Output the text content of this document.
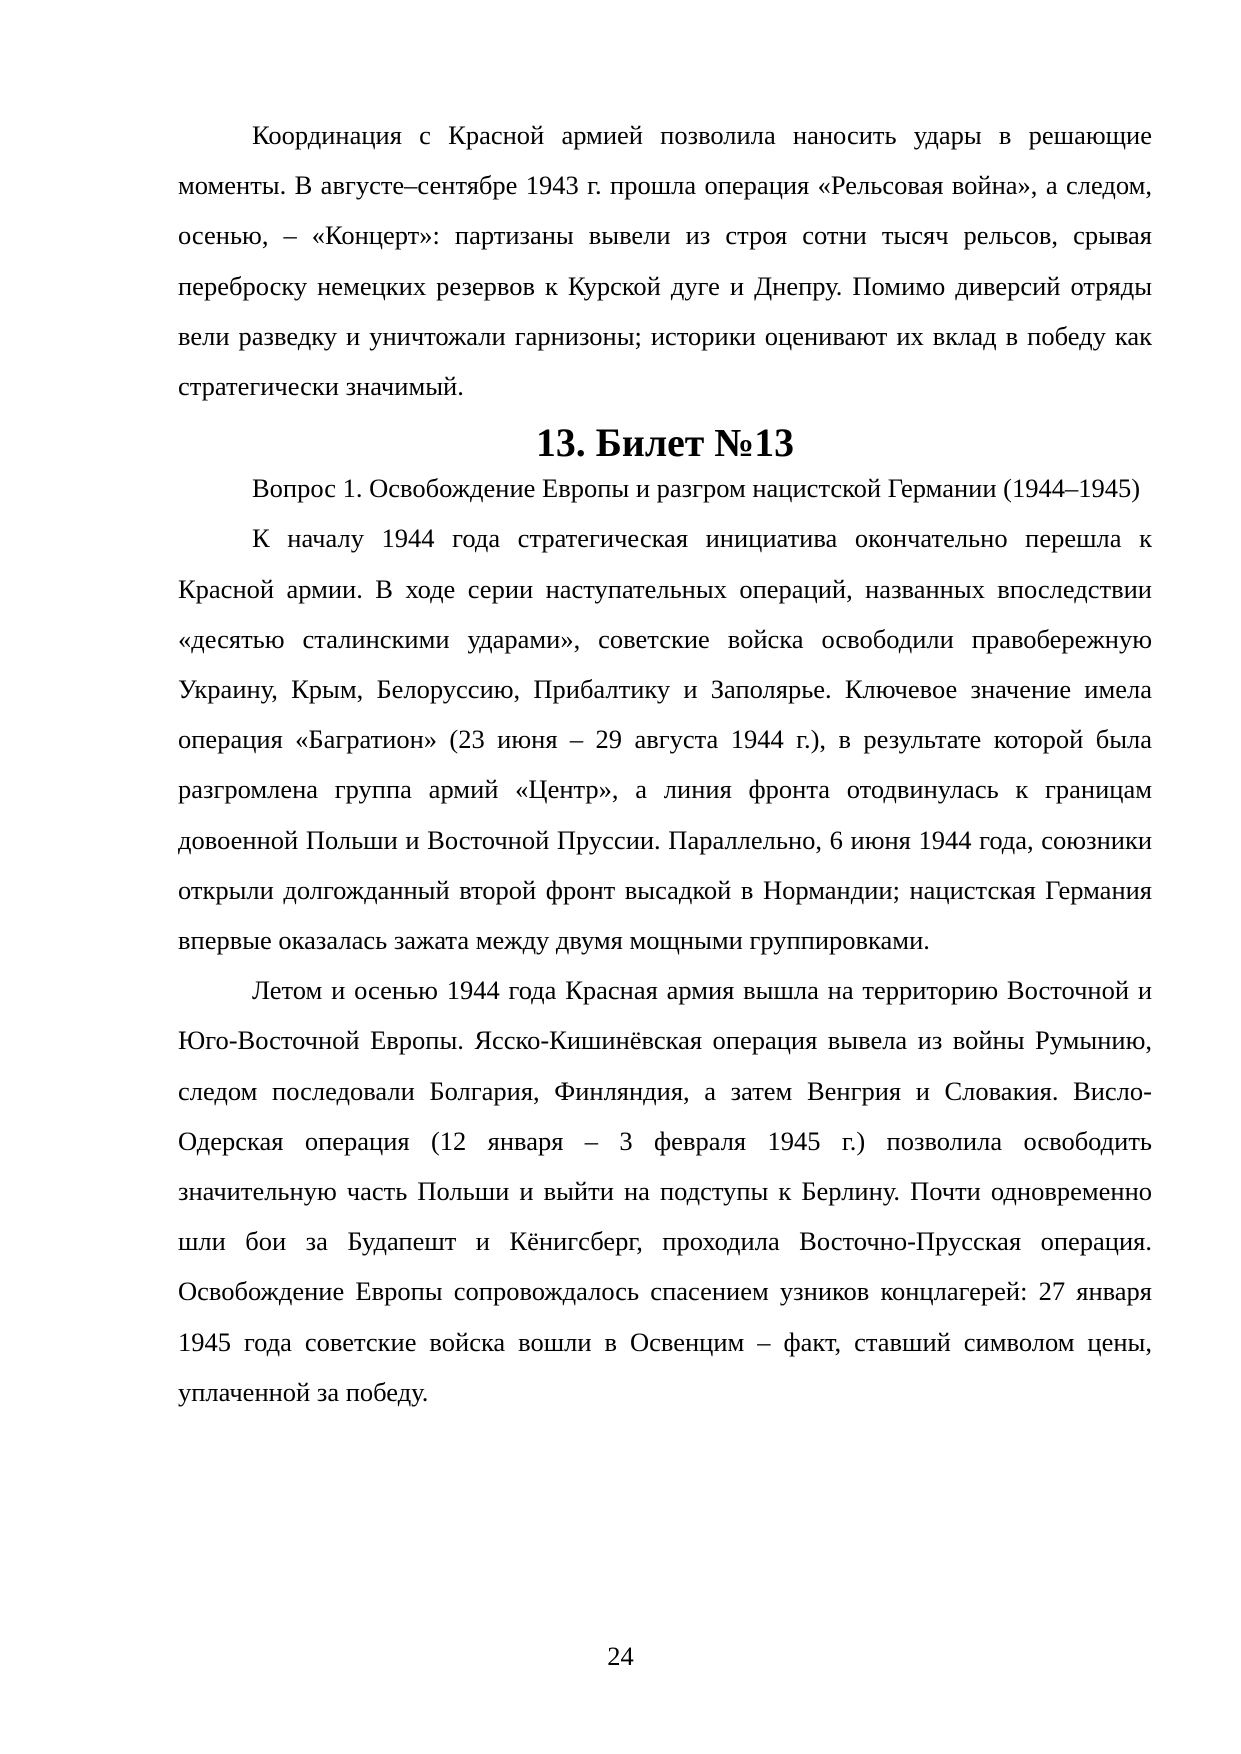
Координация с Красной армией позволила наносить удары в решающие моменты. В августе–сентябре 1943 г. прошла операция «Рельсовая война», а следом, осенью, – «Концерт»: партизаны вывели из строя сотни тысяч рельсов, срывая переброску немецких резервов к Курской дуге и Днепру. Помимо диверсий отряды вели разведку и уничтожали гарнизоны; историки оценивают их вклад в победу как стратегически значимый.

13. Билет №13

Вопрос 1. Освобождение Европы и разгром нацистской Германии (1944–1945)

К началу 1944 года стратегическая инициатива окончательно перешла к Красной армии. В ходе серии наступательных операций, названных впоследствии «десятью сталинскими ударами», советские войска освободили правобережную Украину, Крым, Белоруссию, Прибалтику и Заполярье. Ключевое значение имела операция «Багратион» (23 июня – 29 августа 1944 г.), в результате которой была разгромлена группа армий «Центр», а линия фронта отодвинулась к границам довоенной Польши и Восточной Пруссии. Параллельно, 6 июня 1944 года, союзники открыли долгожданный второй фронт высадкой в Нормандии; нацистская Германия впервые оказалась зажата между двумя мощными группировками.

Летом и осенью 1944 года Красная армия вышла на территорию Восточной и Юго-Восточной Европы. Ясско-Кишинёвская операция вывела из войны Румынию, следом последовали Болгария, Финляндия, а затем Венгрия и Словакия. Висло-Одерская операция (12 января – 3 февраля 1945 г.) позволила освободить значительную часть Польши и выйти на подступы к Берлину. Почти одновременно шли бои за Будапешт и Кёнигсберг, проходила Восточно-Прусская операция. Освобождение Европы сопровождалось спасением узников концлагерей: 27 января 1945 года советские войска вошли в Освенцим – факт, ставший символом цены, уплаченной за победу.

24
